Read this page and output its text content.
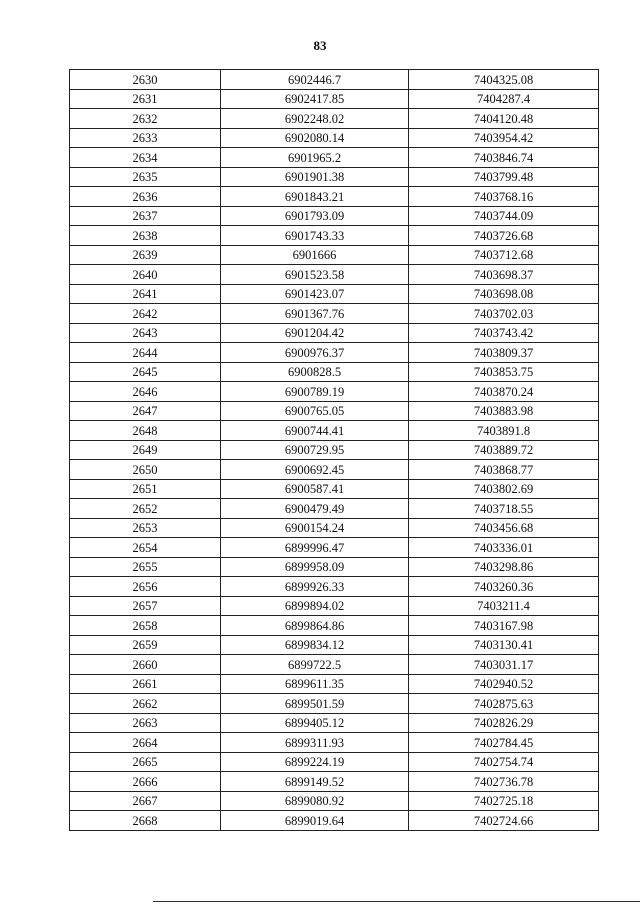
83
2630	6902446.7	7404325.08
2631	6902417.85	7404287.4
2632	6902248.02	7404120.48
2633	6902080.14	7403954.42
2634	6901965.2	7403846.74
2635	6901901.38	7403799.48
2636	6901843.21	7403768.16
2637	6901793.09	7403744.09
2638	6901743.33	7403726.68
2639	6901666	7403712.68
2640	6901523.58	7403698.37
2641	6901423.07	7403698.08
2642	6901367.76	7403702.03
2643	6901204.42	7403743.42
2644	6900976.37	7403809.37
2645	6900828.5	7403853.75
2646	6900789.19	7403870.24
2647	6900765.05	7403883.98
2648	6900744.41	7403891.8
2649	6900729.95	7403889.72
2650	6900692.45	7403868.77
2651	6900587.41	7403802.69
2652	6900479.49	7403718.55
2653	6900154.24	7403456.68
2654	6899996.47	7403336.01
2655	6899958.09	7403298.86
2656	6899926.33	7403260.36
2657	6899894.02	7403211.4
2658	6899864.86	7403167.98
2659	6899834.12	7403130.41
2660	6899722.5	7403031.17
2661	6899611.35	7402940.52
2662	6899501.59	7402875.63
2663	6899405.12	7402826.29
2664	6899311.93	7402784.45
2665	6899224.19	7402754.74
2666	6899149.52	7402736.78
2667	6899080.92	7402725.18
2668	6899019.64	7402724.66
